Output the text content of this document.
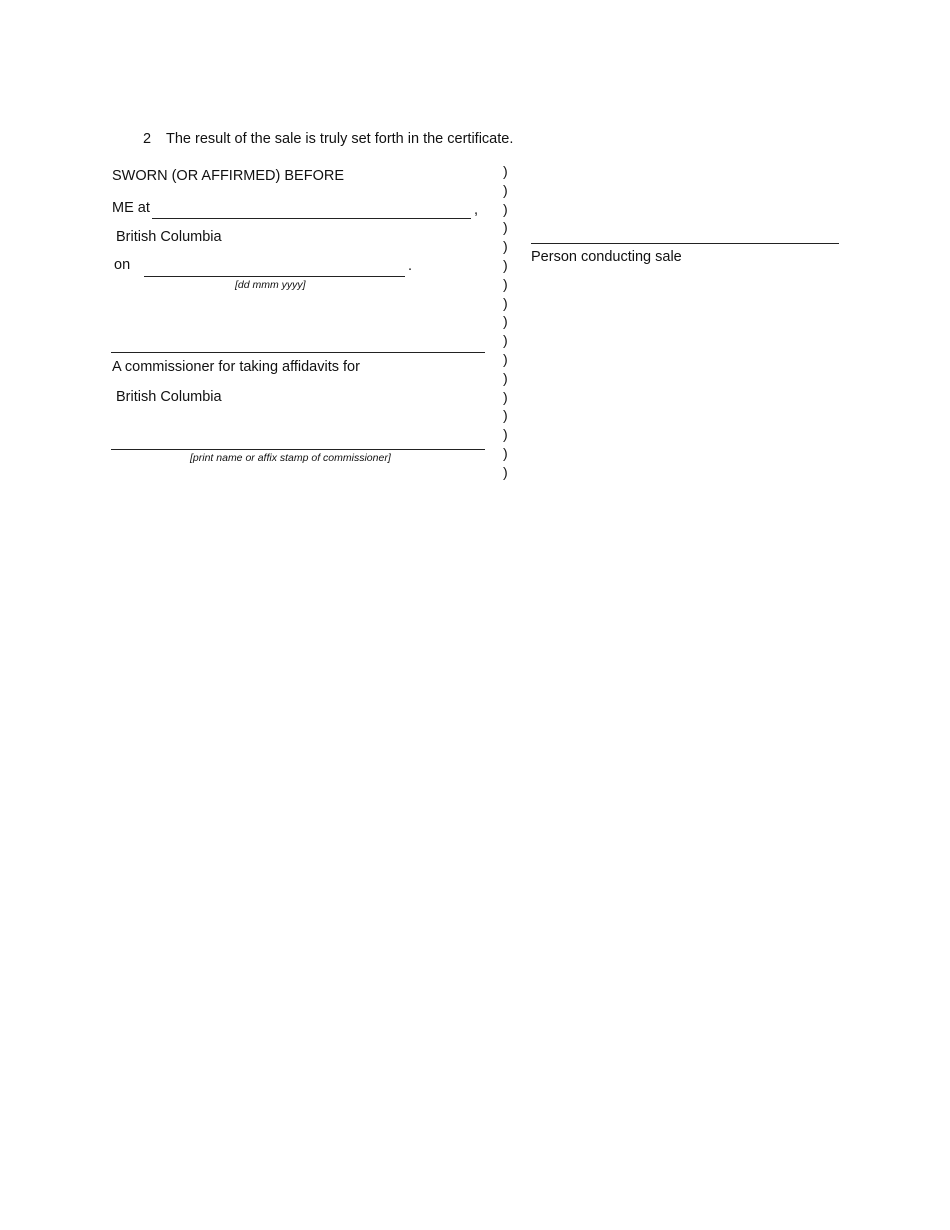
2 The result of the sale is truly set forth in the certificate.
SWORN (OR AFFIRMED) BEFORE
ME at	,
British Columbia
on	.
[dd mmm yyyy]
A commissioner for taking affidavits for
British Columbia
[print name or affix stamp of commissioner]
)
)
)
)
)
)
)
)
)
)
)
)
)
)
)
)
)
Person conducting sale
